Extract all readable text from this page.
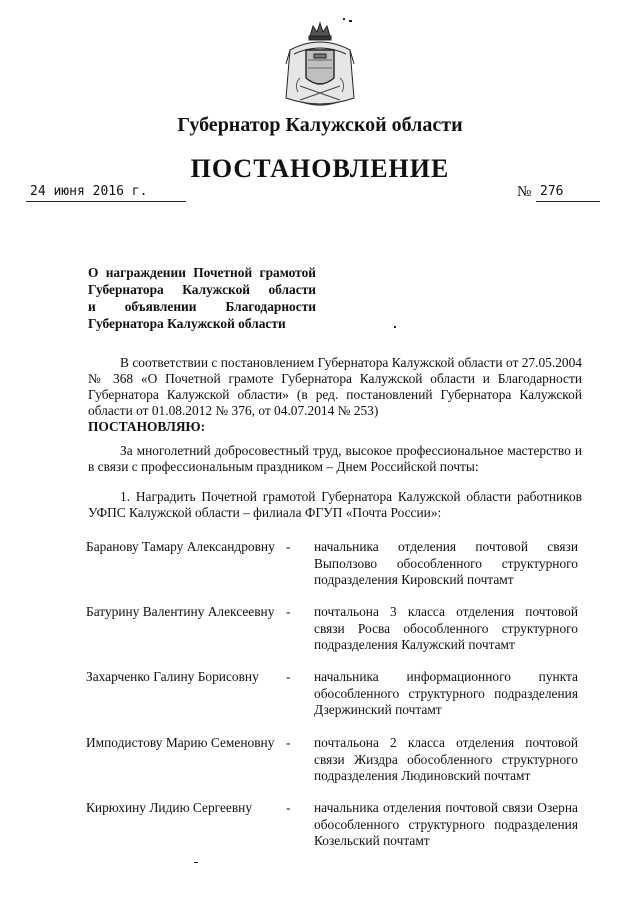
Губернатор Калужской области
ПОСТАНОВЛЕНИЕ
24 июня 2016 г.	№ 276
О награждении Почетной грамотой
Губернатора Калужской области
и объявлении Благодарности
Губернатора Калужской области
В соответствии с постановлением Губернатора Калужской области от 27.05.2004 № 368 «О Почетной грамоте Губернатора Калужской области и Благодарности Губернатора Калужской области» (в ред. постановлений Губернатора Калужской области от 01.08.2012 № 376, от 04.07.2014 № 253)
ПОСТАНОВЛЯЮ:
За многолетний добросовестный труд, высокое профессиональное мастерство и в связи с профессиональным праздником – Днем Российской почты:
1. Наградить Почетной грамотой Губернатора Калужской области работников УФПС Калужской области – филиала ФГУП «Почта России»:
Баранову Тамару Александровну - начальника отделения почтовой связи Выползово обособленного структурного подразделения Кировский почтамт
Батурину Валентину Алексеевну - почтальона 3 класса отделения почтовой связи Росва обособленного структурного подразделения Калужский почтамт
Захарченко Галину Борисовну	- начальника информационного пункта обособленного структурного подразделения Дзержинский почтамт
Имподистову Марию Семеновну - почтальона 2 класса отделения почтовой связи Жиздра обособленного структурного подразделения Людиновский почтамт
Кирюхину Лидию Сергеевну	- начальника отделения почтовой связи Озерна обособленного структурного подразделения Козельский почтамт
